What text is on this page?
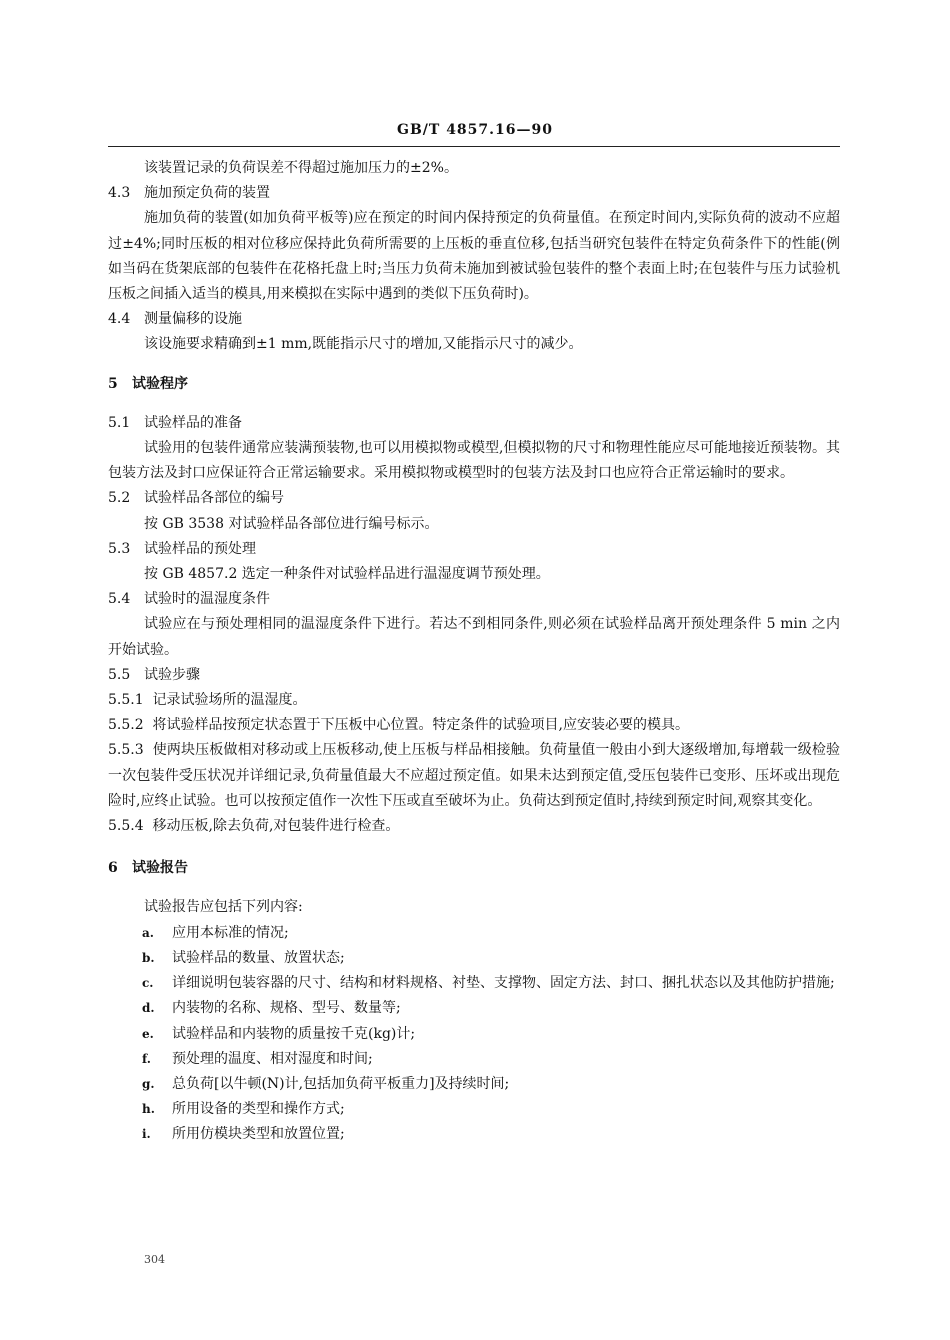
GB/T 4857.16—90

该装置记录的负荷误差不得超过施加压力的±2%。

4.3 施加预定负荷的装置

施加负荷的装置(如加负荷平板等)应在预定的时间内保持预定的负荷量值。在预定时间内,实际负荷的波动不应超过±4%;同时压板的相对位移应保持此负荷所需要的上压板的垂直位移,包括当研究包装件在特定负荷条件下的性能(例如当码在货架底部的包装件在花格托盘上时;当压力负荷未施加到被试验包装件的整个表面上时;在包装件与压力试验机压板之间插入适当的模具,用来模拟在实际中遇到的类似下压负荷时)。

4.4 测量偏移的设施

该设施要求精确到±1 mm,既能指示尺寸的增加,又能指示尺寸的减少。

5 试验程序

5.1 试验样品的准备

试验用的包装件通常应装满预装物,也可以用模拟物或模型,但模拟物的尺寸和物理性能应尽可能地接近预装物。其包装方法及封口应保证符合正常运输要求。采用模拟物或模型时的包装方法及封口也应符合正常运输时的要求。

5.2 试验样品各部位的编号

按 GB 3538 对试验样品各部位进行编号标示。

5.3 试验样品的预处理

按 GB 4857.2 选定一种条件对试验样品进行温湿度调节预处理。

5.4 试验时的温湿度条件

试验应在与预处理相同的温湿度条件下进行。若达不到相同条件,则必须在试验样品离开预处理条件 5 min 之内开始试验。

5.5 试验步骤

5.5.1 记录试验场所的温湿度。

5.5.2 将试验样品按预定状态置于下压板中心位置。特定条件的试验项目,应安装必要的模具。

5.5.3 使两块压板做相对移动或上压板移动,使上压板与样品相接触。负荷量值一般由小到大逐级增加,每增载一级检验一次包装件受压状况并详细记录,负荷量值最大不应超过预定值。如果未达到预定值,受压包装件已变形、压坏或出现危险时,应终止试验。也可以按预定值作一次性下压或直至破坏为止。负荷达到预定值时,持续到预定时间,观察其变化。

5.5.4 移动压板,除去负荷,对包装件进行检查。

6 试验报告

试验报告应包括下列内容:

a. 应用本标准的情况;

b. 试验样品的数量、放置状态;

c. 详细说明包装容器的尺寸、结构和材料规格、衬垫、支撑物、固定方法、封口、捆扎状态以及其他防护措施;

d. 内装物的名称、规格、型号、数量等;

e. 试验样品和内装物的质量按千克(kg)计;

f. 预处理的温度、相对湿度和时间;

g. 总负荷[以牛顿(N)计,包括加负荷平板重力]及持续时间;

h. 所用设备的类型和操作方式;

i. 所用仿模块类型和放置位置;

304
